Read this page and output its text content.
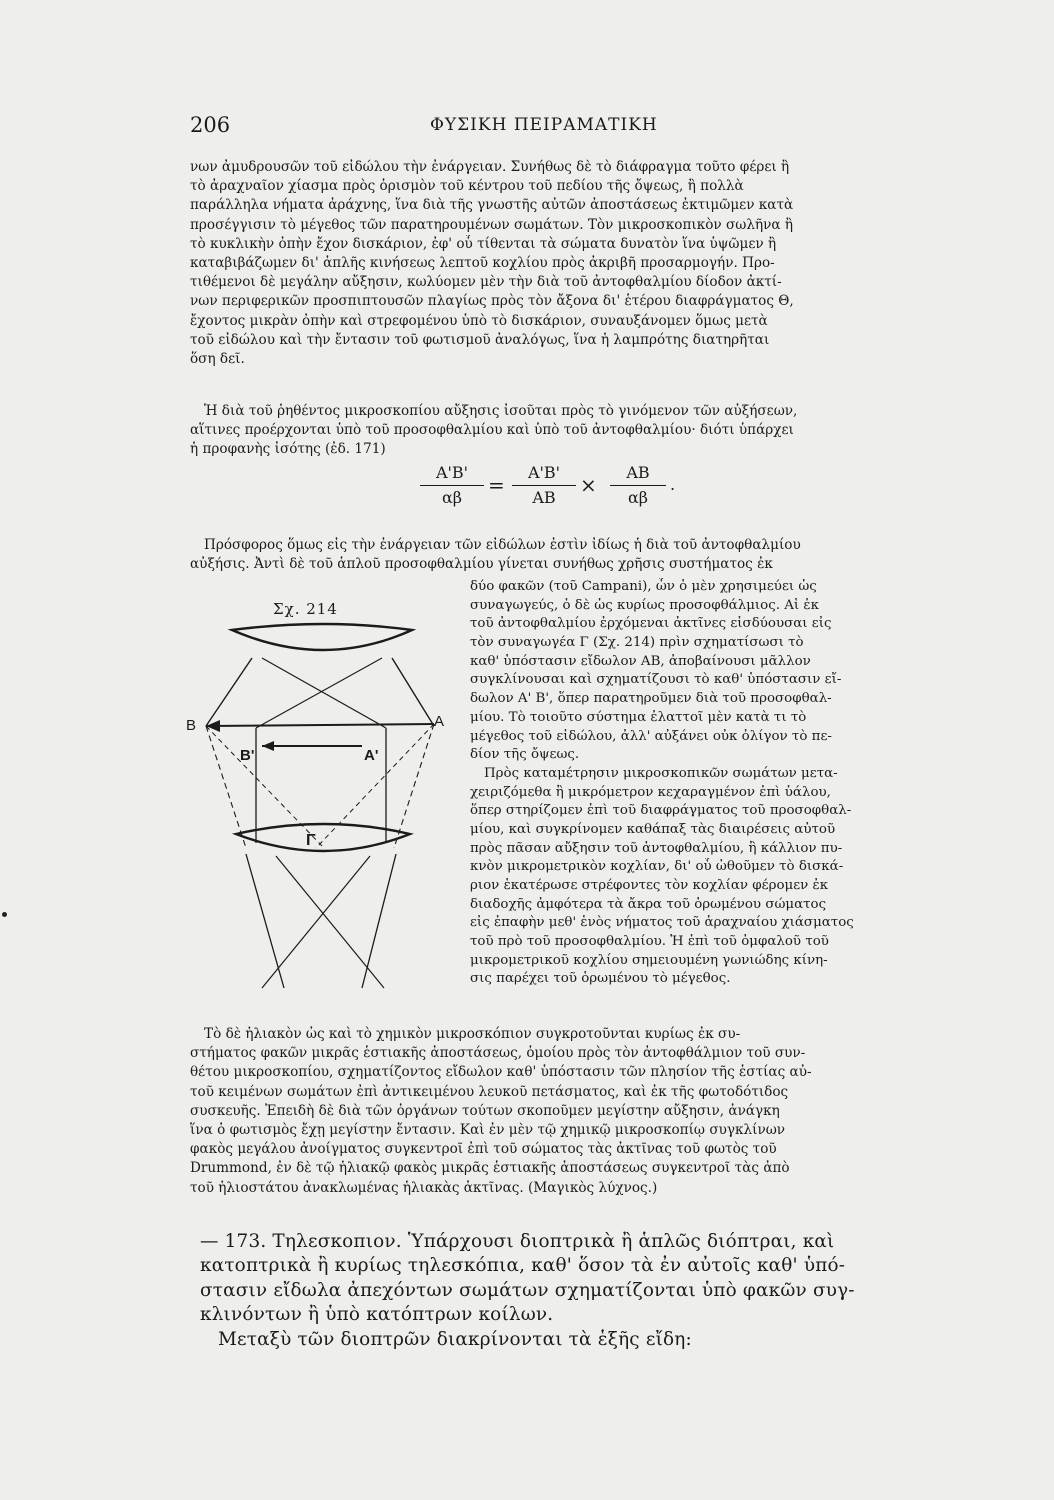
206	ΦΥΣΙΚΗ ΠΕΙΡΑΜΑΤΙΚΗ
νων ἀμυδρουσῶν τοῦ εἰδώλου τὴν ἐνάργειαν. Συνήθως δὲ τὸ διάφραγμα τοῦτο φέρει ἢ
τὸ ἀραχναῖον χίασμα πρὸς ὁρισμὸν τοῦ κέντρου τοῦ πεδίου τῆς ὄψεως, ἢ πολλὰ
παράλληλα νήματα ἀράχνης, ἵνα διὰ τῆς γνωστῆς αὐτῶν ἀποστάσεως ἐκτιμῶμεν κατὰ
προσέγγισιν τὸ μέγεθος τῶν παρατηρουμένων σωμάτων. Τὸν μικροσκοπικὸν σωλῆνα ἢ
τὸ κυκλικὴν ὀπὴν ἔχον δισκάριον, ἐφ' οὗ τίθενται τὰ σώματα δυνατὸν ἵνα ὑψῶμεν ἢ
καταβιβάζωμεν δι' ἁπλῆς κινήσεως λεπτοῦ κοχλίου πρὸς ἀκριβῆ προσαρμογήν. Προ-
τιθέμενοι δὲ μεγάλην αὔξησιν, κωλύομεν μὲν τὴν διὰ τοῦ ἀντοφθαλμίου δίοδον ἀκτί-
νων περιφερικῶν προσπιπτουσῶν πλαγίως πρὸς τὸν ἄξονα δι' ἑτέρου διαφράγματος Θ,
ἔχοντος μικρὰν ὀπὴν καὶ στρεφομένου ὑπὸ τὸ δισκάριον, συναυξάνομεν ὅμως μετὰ
τοῦ εἰδώλου καὶ τὴν ἔντασιν τοῦ φωτισμοῦ ἀναλόγως, ἵνα ἡ λαμπρότης διατηρῆται
ὅση δεῖ.
Ἡ διὰ τοῦ ῥηθέντος μικροσκοπίου αὔξησις ἰσοῦται πρὸς τὸ γινόμενον τῶν αὐξήσεων,
αἵτινες προέρχονται ὑπὸ τοῦ προσοφθαλμίου καὶ ὑπὸ τοῦ ἀντοφθαλμίου· διότι ὑπάρχει
ἡ προφανὴς ἰσότης (ἐδ. 171)
A'B'
αβ
=
A'B'
AB
×
AB
αβ
.
Πρόσφορος ὅμως εἰς τὴν ἐνάργειαν τῶν εἰδώλων ἐστὶν ἰδίως ἡ διὰ τοῦ ἀντοφθαλμίου
αὐξήσις. Ἀντὶ δὲ τοῦ ἁπλοῦ προσοφθαλμίου γίνεται συνήθως χρῆσις συστήματος ἐκ
Σχ. 214
B	A
B'	A'
Γ
δύο φακῶν (τοῦ Campani), ὧν ὁ μὲν χρησιμεύει ὡς
συναγωγεύς, ὁ δὲ ὡς κυρίως προσοφθάλμιος. Αἱ ἐκ
τοῦ ἀντοφθαλμίου ἐρχόμεναι ἀκτῖνες εἰσδύουσαι εἰς
τὸν συναγωγέα Γ (Σχ. 214) πρὶν σχηματίσωσι τὸ
καθ' ὑπόστασιν εἴδωλον AB, ἀποβαίνουσι μᾶλλον
συγκλίνουσαι καὶ σχηματίζουσι τὸ καθ' ὑπόστασιν εἴ-
δωλον A' B', ὅπερ παρατηροῦμεν διὰ τοῦ προσοφθαλ-
μίου. Τὸ τοιοῦτο σύστημα ἐλαττοῖ μὲν κατὰ τι τὸ
μέγεθος τοῦ εἰδώλου, ἀλλ' αὐξάνει οὐκ ὀλίγον τὸ πε-
δίον τῆς ὄψεως.
Πρὸς καταμέτρησιν μικροσκοπικῶν σωμάτων μετα-
χειριζόμεθα ἢ μικρόμετρον κεχαραγμένον ἐπὶ ὑάλου,
ὅπερ στηρίζομεν ἐπὶ τοῦ διαφράγματος τοῦ προσοφθαλ-
μίου, καὶ συγκρίνομεν καθάπαξ τὰς διαιρέσεις αὐτοῦ
πρὸς πᾶσαν αὔξησιν τοῦ ἀντοφθαλμίου, ἢ κάλλιον πυ-
κνὸν μικρομετρικὸν κοχλίαν, δι' οὗ ὠθοῦμεν τὸ δισκά-
ριον ἑκατέρωσε στρέφοντες τὸν κοχλίαν φέρομεν ἐκ
διαδοχῆς ἀμφότερα τὰ ἄκρα τοῦ ὁρωμένου σώματος
εἰς ἐπαφὴν μεθ' ἑνὸς νήματος τοῦ ἀραχναίου χιάσματος
τοῦ πρὸ τοῦ προσοφθαλμίου. Ἡ ἐπὶ τοῦ ὀμφαλοῦ τοῦ
μικρομετρικοῦ κοχλίου σημειουμένη γωνιώδης κίνη-
σις παρέχει τοῦ ὁρωμένου τὸ μέγεθος.
Τὸ δὲ ἡλιακὸν ὡς καὶ τὸ χημικὸν μικροσκόπιον συγκροτοῦνται κυρίως ἐκ συ-
στήματος φακῶν μικρᾶς ἑστιακῆς ἀποστάσεως, ὁμοίου πρὸς τὸν ἀντοφθάλμιον τοῦ συν-
θέτου μικροσκοπίου, σχηματίζοντος εἴδωλον καθ' ὑπόστασιν τῶν πλησίον τῆς ἑστίας αὐ-
τοῦ κειμένων σωμάτων ἐπὶ ἀντικειμένου λευκοῦ πετάσματος, καὶ ἐκ τῆς φωτοδότιδος
συσκευῆς. Ἐπειδὴ δὲ διὰ τῶν ὀργάνων τούτων σκοποῦμεν μεγίστην αὔξησιν, ἀνάγκη
ἵνα ὁ φωτισμὸς ἔχῃ μεγίστην ἔντασιν. Καὶ ἐν μὲν τῷ χημικῷ μικροσκοπίῳ συγκλίνων
φακὸς μεγάλου ἀνοίγματος συγκεντροῖ ἐπὶ τοῦ σώματος τὰς ἀκτῖνας τοῦ φωτὸς τοῦ
Drummond, ἐν δὲ τῷ ἡλιακῷ φακὸς μικρᾶς ἑστιακῆς ἀποστάσεως συγκεντροῖ τὰς ἀπὸ
τοῦ ἡλιοστάτου ἀνακλωμένας ἡλιακὰς ἀκτῖνας. (Μαγικὸς λύχνος.)
— 173. Τηλεσκοπιον. Ὑπάρχουσι διοπτρικὰ ἢ ἁπλῶς διόπτραι, καὶ
κατοπτρικὰ ἢ κυρίως τηλεσκόπια, καθ' ὅσον τὰ ἐν αὐτοῖς καθ' ὑπό-
στασιν εἴδωλα ἀπεχόντων σωμάτων σχηματίζονται ὑπὸ φακῶν συγ-
κλινόντων ἢ ὑπὸ κατόπτρων κοίλων.
Μεταξὺ τῶν διοπτρῶν διακρίνονται τὰ ἑξῆς εἴδη:
